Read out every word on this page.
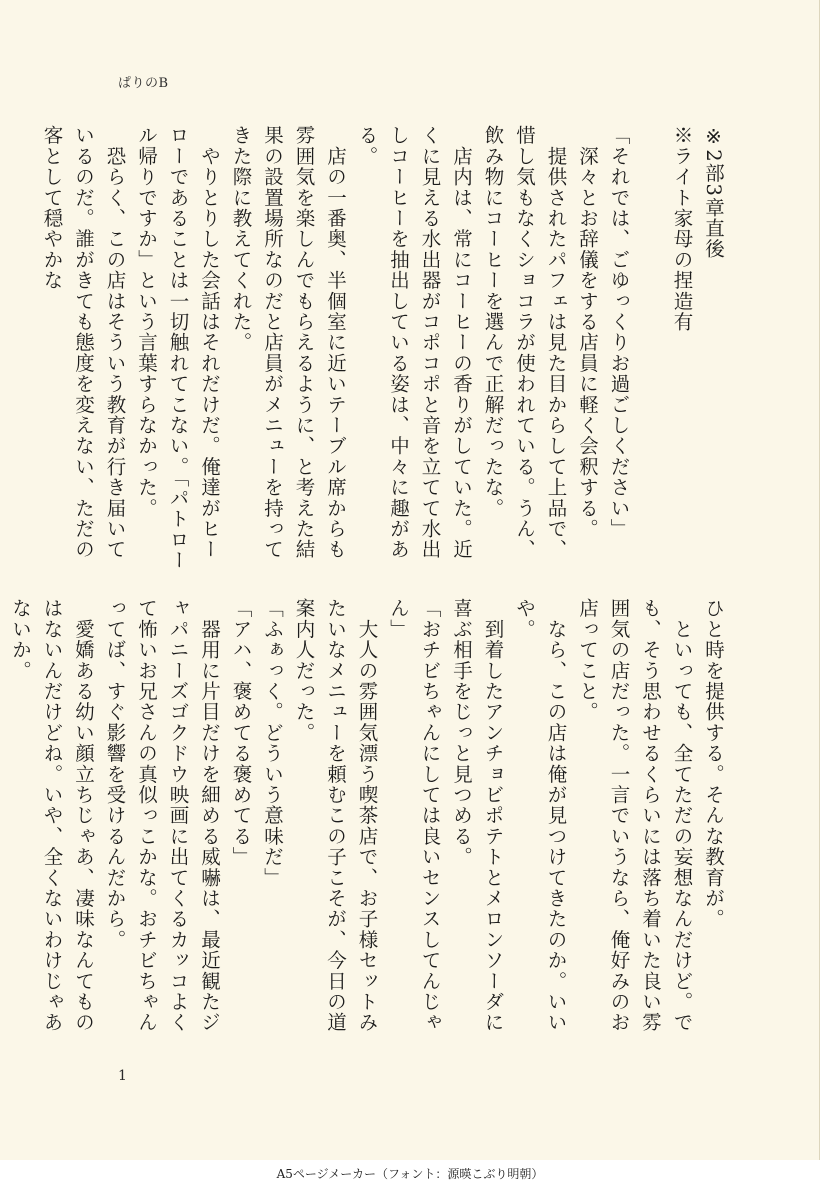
ぱりのB

※2部3章直後

※ライト家母の捏造有

「それでは、ごゆっくりお過ごしください」

　深々とお辞儀をする店員に軽く会釈する。

　提供されたパフェは見た目からして上品で、惜し気もなくショコラが使われている。うん、飲み物にコーヒーを選んで正解だったな。

　店内は、常にコーヒーの香りがしていた。近くに見える水出器がコポコポと音を立てて水出しコーヒーを抽出している姿は、中々に趣がある。

　店の一番奥、半個室に近いテーブル席からも雰囲気を楽しんでもらえるように、と考えた結果の設置場所なのだと店員がメニューを持ってきた際に教えてくれた。

　やりとりした会話はそれだけだ。俺達がヒーローであることは一切触れてこない。「パトロール帰りですか」という言葉すらなかった。

　恐らく、この店はそういう教育が行き届いているのだ。誰がきても態度を変えない、ただの客として穏やかな

ひと時を提供する。そんな教育が。

　といっても、全てただの妄想なんだけど。でも、そう思わせるくらいには落ち着いた良い雰囲気の店だった。一言でいうなら、俺好みのお店ってこと。

　なら、この店は俺が見つけてきたのか。いいや。

　到着したアンチョビポテトとメロンソーダに喜ぶ相手をじっと見つめる。

「おチビちゃんにしては良いセンスしてんじゃん」

　大人の雰囲気漂う喫茶店で、お子様セットみたいなメニューを頼むこの子こそが、今日の道案内人だった。

「ふぁっく。どういう意味だ」

「アハ、褒めてる褒めてる」

　器用に片目だけを細める威嚇は、最近観たジャパニーズゴクドウ映画に出てくるカッコよくて怖いお兄さんの真似っこかな。おチビちゃんってば、すぐ影響を受けるんだから。

　愛嬌ある幼い顔立ちじゃあ、凄味なんてものはないんだけどね。いや、全くないわけじゃあないか。

1
A5ページメーカー（フォント：源暎こぶり明朝）
